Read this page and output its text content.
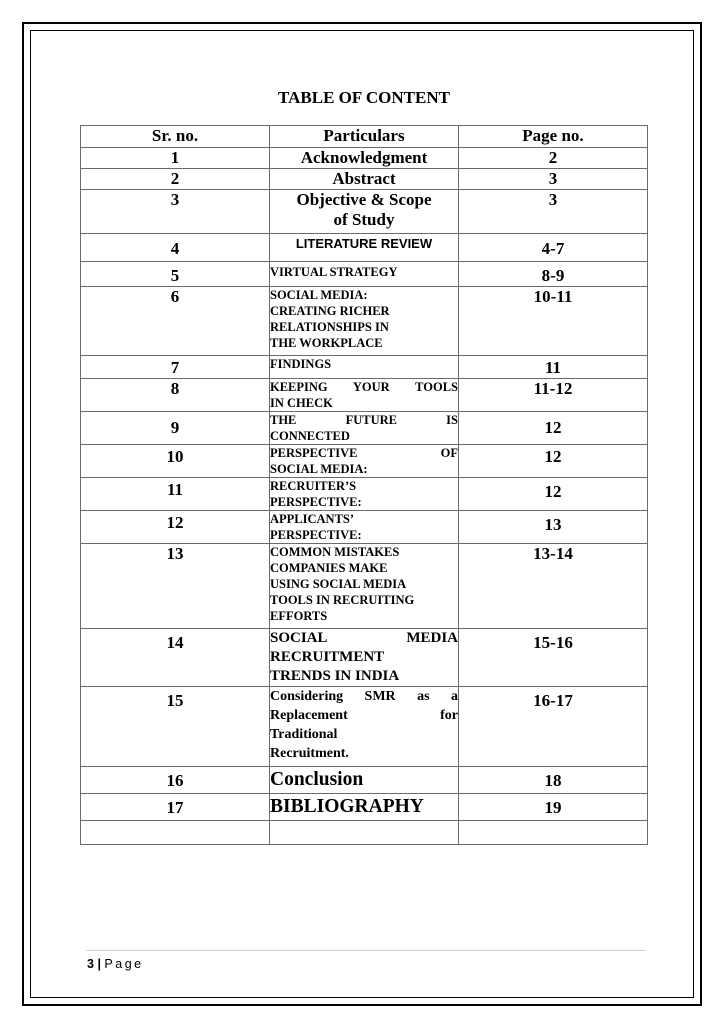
TABLE OF CONTENT
Sr. no.	Particulars	Page no.
1	Acknowledgment	2
2	Abstract	3
3	Objective & Scope
of Study	3
4	LITERATURE REVIEW	4-7
5	VIRTUAL STRATEGY	8-9
6	SOCIAL MEDIA:
CREATING RICHER
RELATIONSHIPS IN
THE WORKPLACE	10-11
7	FINDINGS	11
8	KEEPING YOUR TOOLS
IN CHECK	11-12
9	THE FUTURE IS
CONNECTED	12
10	PERSPECTIVE OF
SOCIAL MEDIA:	12
11	RECRUITER’S
PERSPECTIVE:	12
12	APPLICANTS’
PERSPECTIVE:	13
13	COMMON MISTAKES
COMPANIES MAKE
USING SOCIAL MEDIA
TOOLS IN RECRUITING
EFFORTS	13-14
14	SOCIAL MEDIA
RECRUITMENT
TRENDS IN INDIA	15-16
15	Considering SMR as a
Replacement for
Traditional
Recruitment.	16-17
16	Conclusion	18
17	BIBLIOGRAPHY	19

3 | Page
